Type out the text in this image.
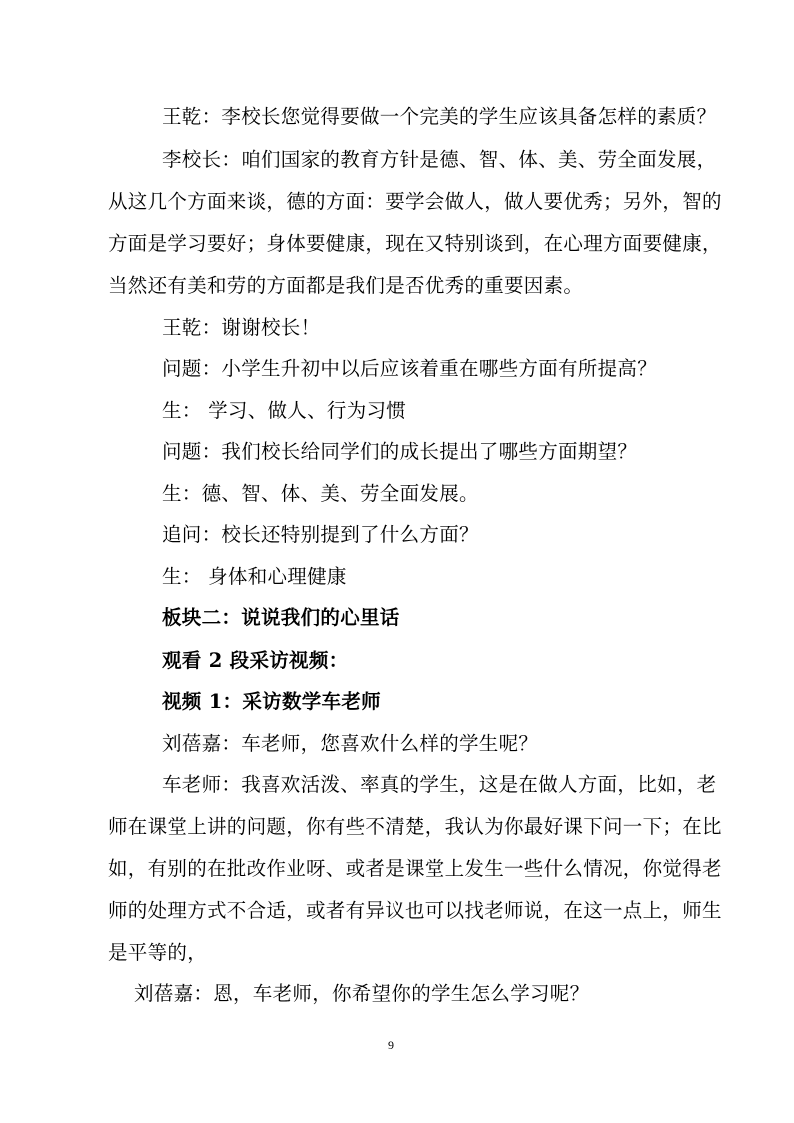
王乾：李校长您觉得要做一个完美的学生应该具备怎样的素质？
李校长：咱们国家的教育方针是德、智、体、美、劳全面发展，
从这几个方面来谈，德的方面：要学会做人，做人要优秀；另外，智的
方面是学习要好；身体要健康，现在又特别谈到，在心理方面要健康，
当然还有美和劳的方面都是我们是否优秀的重要因素。
王乾：谢谢校长！
问题：小学生升初中以后应该着重在哪些方面有所提高？
生： 学习、做人、行为习惯
问题：我们校长给同学们的成长提出了哪些方面期望？
生：德、智、体、美、劳全面发展。
追问：校长还特别提到了什么方面？
生： 身体和心理健康
板块二：说说我们的心里话
观看 2 段采访视频：
视频 1：采访数学车老师
刘蓓嘉：车老师，您喜欢什么样的学生呢？
车老师：我喜欢活泼、率真的学生，这是在做人方面，比如，老
师在课堂上讲的问题，你有些不清楚，我认为你最好课下问一下；在比
如，有别的在批改作业呀、或者是课堂上发生一些什么情况，你觉得老
师的处理方式不合适，或者有异议也可以找老师说，在这一点上，师生
是平等的，
刘蓓嘉：恩，车老师，你希望你的学生怎么学习呢？
9
